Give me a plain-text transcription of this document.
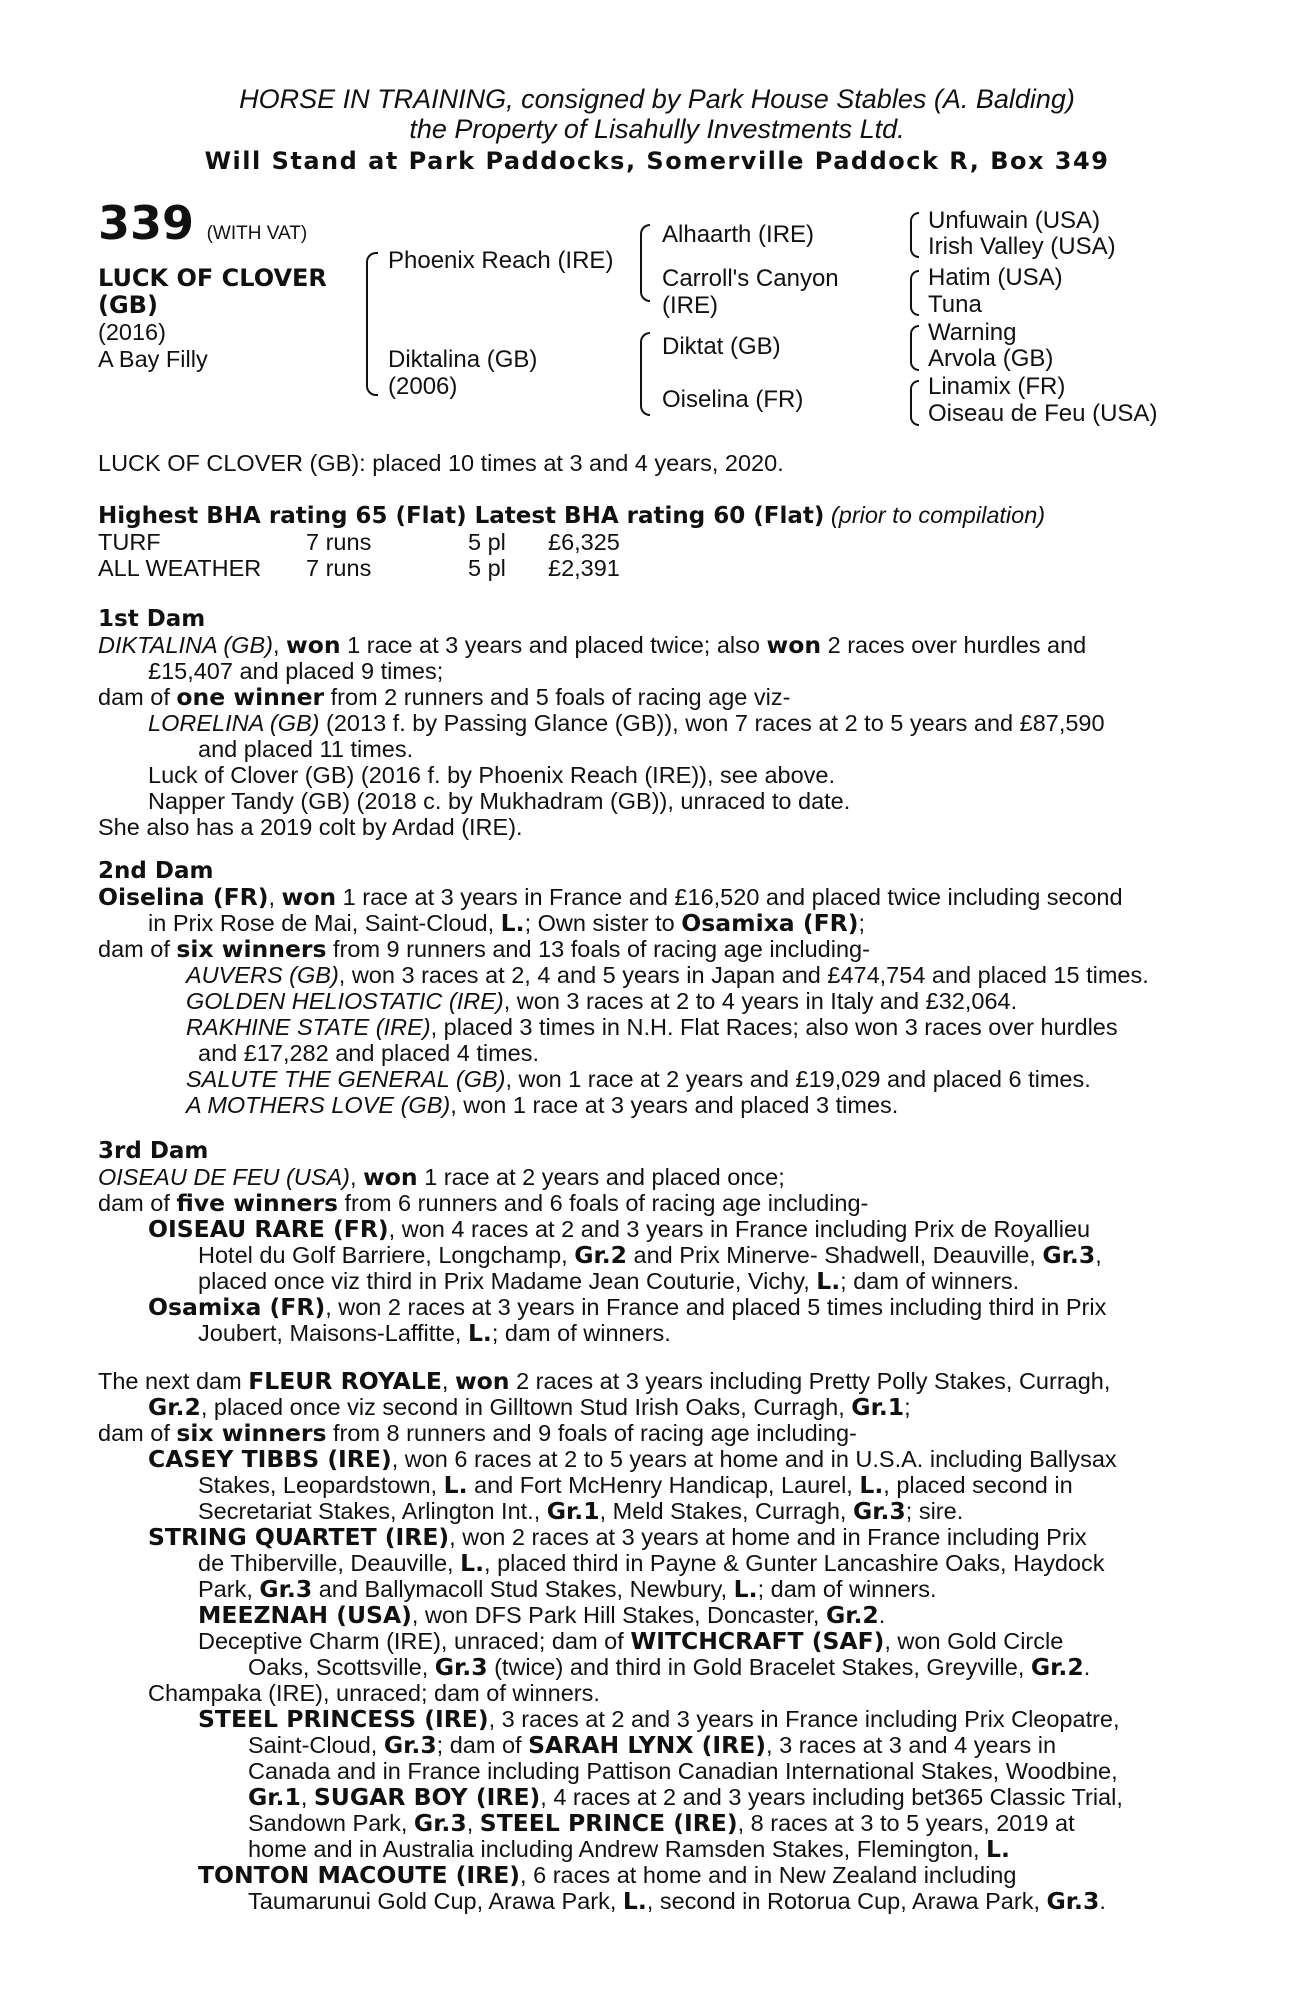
HORSE IN TRAINING, consigned by Park House Stables (A. Balding)
the Property of Lisahully Investments Ltd.
Will Stand at Park Paddocks, Somerville Paddock R, Box 349
339 (WITH VAT)
LUCK OF CLOVER
(GB)
(2016)
A Bay Filly
Phoenix Reach (IRE)
Diktalina (GB)
(2006)
Alhaarth (IRE)
Carroll's Canyon
(IRE)
Diktat (GB)
Oiselina (FR)
Unfuwain (USA)
Irish Valley (USA)
Hatim (USA)
Tuna
Warning
Arvola (GB)
Linamix (FR)
Oiseau de Feu (USA)
LUCK OF CLOVER (GB): placed 10 times at 3 and 4 years, 2020.
Highest BHA rating 65 (Flat) Latest BHA rating 60 (Flat) (prior to compilation)
TURF	7 runs	5 pl £6,325
ALL WEATHER 7 runs	5 pl £2,391
1st Dam
DIKTALINA (GB), won 1 race at 3 years and placed twice; also won 2 races over hurdles and
£15,407 and placed 9 times;
dam of one winner from 2 runners and 5 foals of racing age viz-
LORELINA (GB) (2013 f. by Passing Glance (GB)), won 7 races at 2 to 5 years and £87,590
and placed 11 times.
Luck of Clover (GB) (2016 f. by Phoenix Reach (IRE)), see above.
Napper Tandy (GB) (2018 c. by Mukhadram (GB)), unraced to date.
She also has a 2019 colt by Ardad (IRE).
2nd Dam
Oiselina (FR), won 1 race at 3 years in France and £16,520 and placed twice including second
in Prix Rose de Mai, Saint-Cloud, L.; Own sister to Osamixa (FR);
dam of six winners from 9 runners and 13 foals of racing age including-
AUVERS (GB), won 3 races at 2, 4 and 5 years in Japan and £474,754 and placed 15 times.
GOLDEN HELIOSTATIC (IRE), won 3 races at 2 to 4 years in Italy and £32,064.
RAKHINE STATE (IRE), placed 3 times in N.H. Flat Races; also won 3 races over hurdles
and £17,282 and placed 4 times.
SALUTE THE GENERAL (GB), won 1 race at 2 years and £19,029 and placed 6 times.
A MOTHERS LOVE (GB), won 1 race at 3 years and placed 3 times.
3rd Dam
OISEAU DE FEU (USA), won 1 race at 2 years and placed once;
dam of five winners from 6 runners and 6 foals of racing age including-
OISEAU RARE (FR), won 4 races at 2 and 3 years in France including Prix de Royallieu
Hotel du Golf Barriere, Longchamp, Gr.2 and Prix Minerve- Shadwell, Deauville, Gr.3,
placed once viz third in Prix Madame Jean Couturie, Vichy, L.; dam of winners.
Osamixa (FR), won 2 races at 3 years in France and placed 5 times including third in Prix
Joubert, Maisons-Laffitte, L.; dam of winners.
The next dam FLEUR ROYALE, won 2 races at 3 years including Pretty Polly Stakes, Curragh,
Gr.2, placed once viz second in Gilltown Stud Irish Oaks, Curragh, Gr.1;
dam of six winners from 8 runners and 9 foals of racing age including-
CASEY TIBBS (IRE), won 6 races at 2 to 5 years at home and in U.S.A. including Ballysax
Stakes, Leopardstown, L. and Fort McHenry Handicap, Laurel, L., placed second in
Secretariat Stakes, Arlington Int., Gr.1, Meld Stakes, Curragh, Gr.3; sire.
STRING QUARTET (IRE), won 2 races at 3 years at home and in France including Prix
de Thiberville, Deauville, L., placed third in Payne & Gunter Lancashire Oaks, Haydock
Park, Gr.3 and Ballymacoll Stud Stakes, Newbury, L.; dam of winners.
MEEZNAH (USA), won DFS Park Hill Stakes, Doncaster, Gr.2.
Deceptive Charm (IRE), unraced; dam of WITCHCRAFT (SAF), won Gold Circle
Oaks, Scottsville, Gr.3 (twice) and third in Gold Bracelet Stakes, Greyville, Gr.2.
Champaka (IRE), unraced; dam of winners.
STEEL PRINCESS (IRE), 3 races at 2 and 3 years in France including Prix Cleopatre,
Saint-Cloud, Gr.3; dam of SARAH LYNX (IRE), 3 races at 3 and 4 years in
Canada and in France including Pattison Canadian International Stakes, Woodbine,
Gr.1, SUGAR BOY (IRE), 4 races at 2 and 3 years including bet365 Classic Trial,
Sandown Park, Gr.3, STEEL PRINCE (IRE), 8 races at 3 to 5 years, 2019 at
home and in Australia including Andrew Ramsden Stakes, Flemington, L.
TONTON MACOUTE (IRE), 6 races at home and in New Zealand including
Taumarunui Gold Cup, Arawa Park, L., second in Rotorua Cup, Arawa Park, Gr.3.
